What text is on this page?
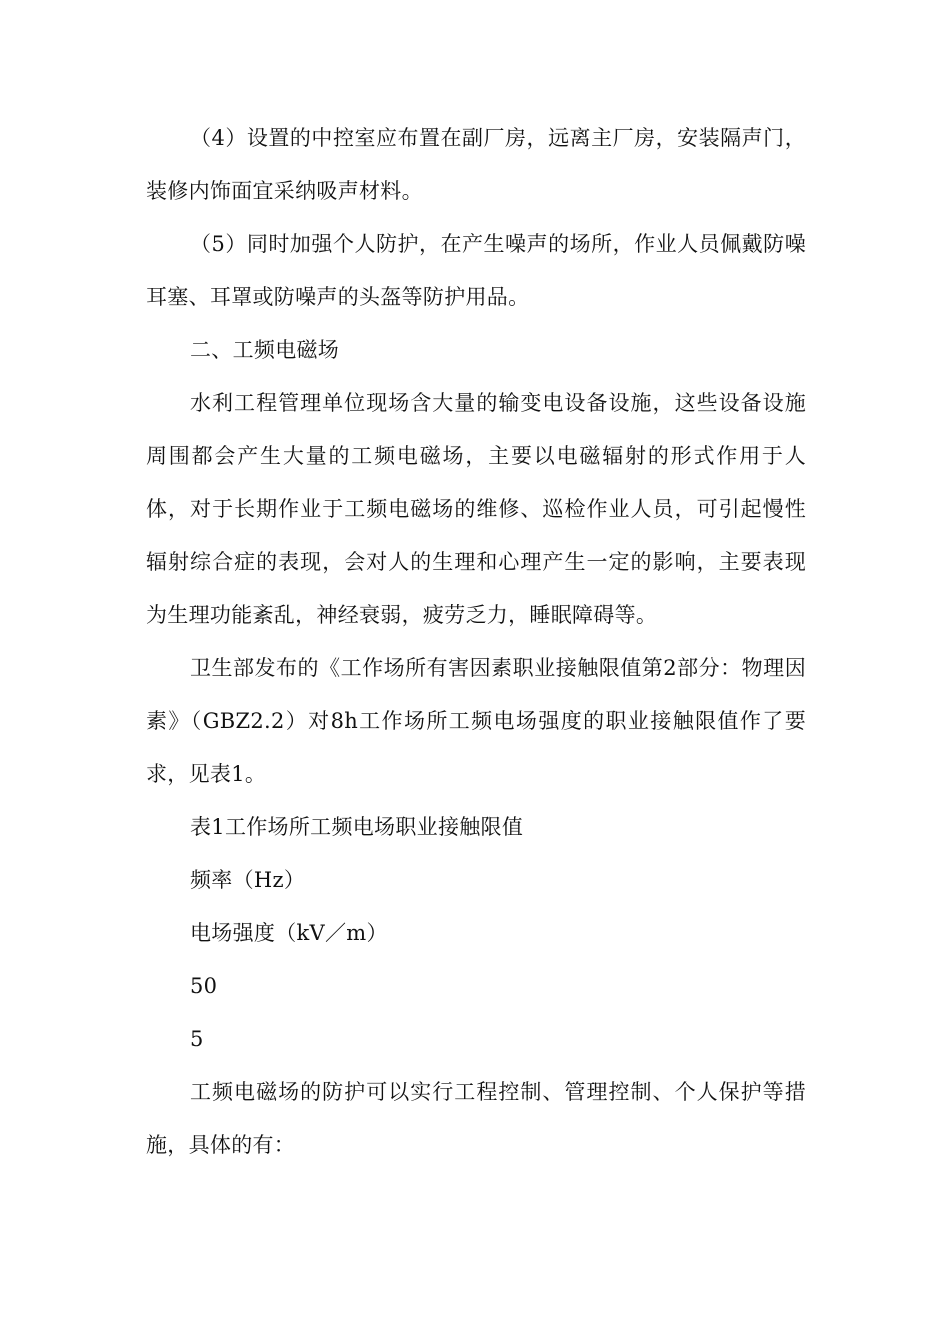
（4）设置的中控室应布置在副厂房，远离主厂房，安装隔声门，装修内饰面宜采纳吸声材料。

（5）同时加强个人防护，在产生噪声的场所，作业人员佩戴防噪耳塞、耳罩或防噪声的头盔等防护用品。

二、工频电磁场

水利工程管理单位现场含大量的输变电设备设施，这些设备设施周围都会产生大量的工频电磁场，主要以电磁辐射的形式作用于人体，对于长期作业于工频电磁场的维修、巡检作业人员，可引起慢性辐射综合症的表现，会对人的生理和心理产生一定的影响，主要表现为生理功能紊乱，神经衰弱，疲劳乏力，睡眠障碍等。

卫生部发布的《工作场所有害因素职业接触限值第2部分：物理因素》（GBZ2.2）对8h工作场所工频电场强度的职业接触限值作了要求，见表1。

表1工作场所工频电场职业接触限值

频率（Hz）

电场强度（kV／m）

50

5

工频电磁场的防护可以实行工程控制、管理控制、个人保护等措施，具体的有：
